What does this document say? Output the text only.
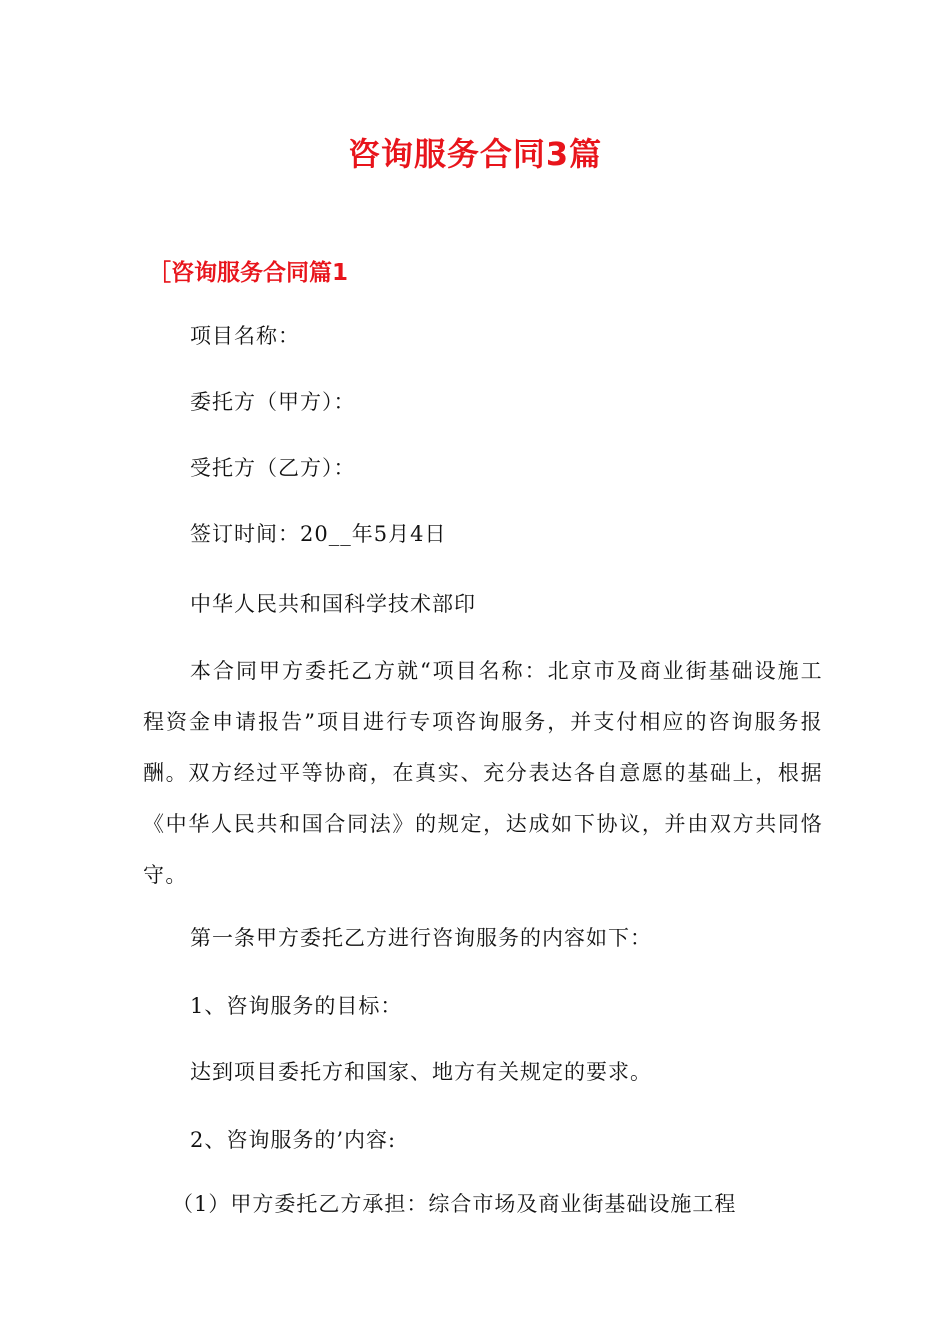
咨询服务合同3篇
［咨询服务合同篇1
项目名称：
委托方（甲方）：
受托方（乙方）：
签订时间：20__年5月4日
中华人民共和国科学技术部印
本合同甲方委托乙方就“项目名称：北京市及商业街基础设施工程资金申请报告”项目进行专项咨询服务，并支付相应的咨询服务报酬。双方经过平等协商，在真实、充分表达各自意愿的基础上，根据《中华人民共和国合同法》的规定，达成如下协议，并由双方共同恪守。
第一条甲方委托乙方进行咨询服务的内容如下：
1、咨询服务的目标：
达到项目委托方和国家、地方有关规定的要求。
2、咨询服务的’内容:
（1）甲方委托乙方承担：综合市场及商业街基础设施工程
